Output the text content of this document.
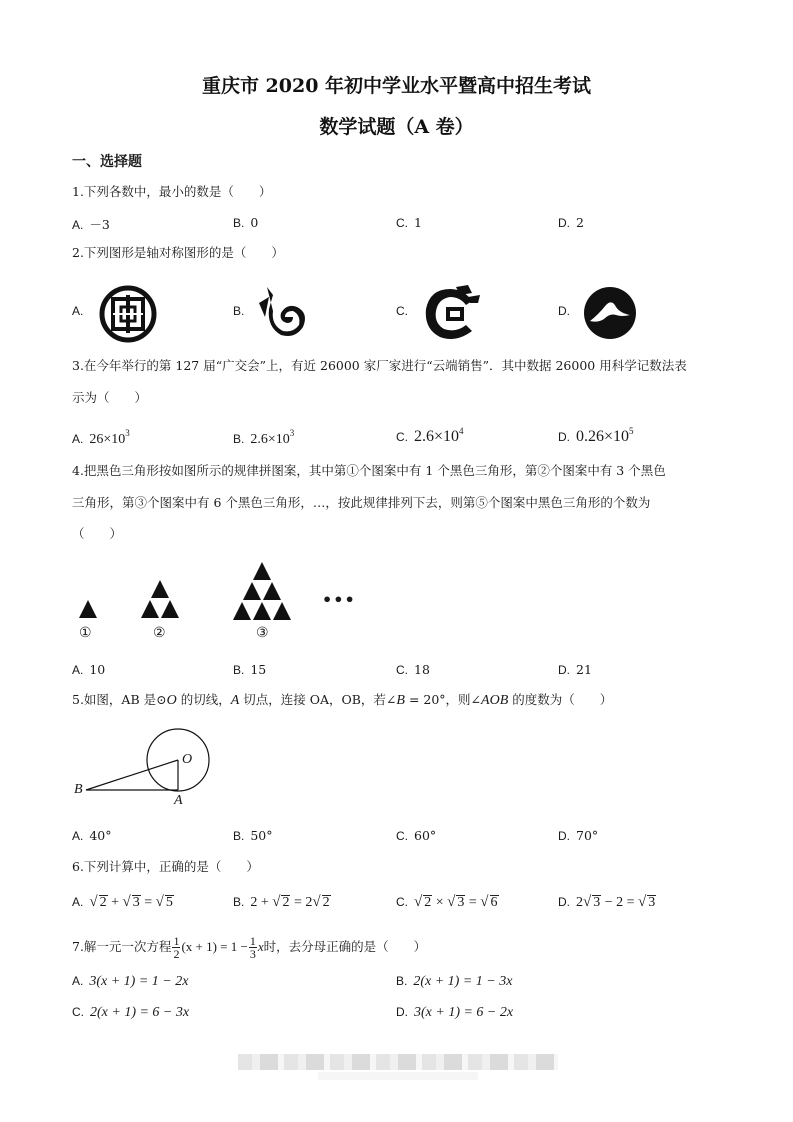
重庆市 2020 年初中学业水平暨高中招生考试
数学试题（A 卷）
一、选择题
1.下列各数中，最小的数是（　　）
A. －3	B. 0	C. 1	D. 2
2.下列图形是轴对称图形的是（　　）
A.	B.	C.	D.
3.在今年举行的第 127 届“广交会”上，有近 26000 家厂家进行“云端销售”．其中数据 26000 用科学记数法表
示为（　　）
A. $26\times 10^3$	B. $2.6\times 10^3$	C. $2.6\times 10^4$	D. $0.26\times 10^5$
4.把黑色三角形按如图所示的规律拼图案，其中第①个图案中有 1 个黑色三角形，第②个图案中有 3 个黑色
三角形，第③个图案中有 6 个黑色三角形，…，按此规律排列下去，则第⑤个图案中黑色三角形的个数为
（　　）
•••
①	②	③
A. 10	B. 15	C. 18	D. 21
5.如图，AB 是⊙O 的切线，A 切点，连接 OA，OB，若∠B = 20°，则∠AOB 的度数为（　　）
O
B
A
A. 40°	B. 50°	C. 60°	D. 70°
6.下列计算中，正确的是（　　）
A. √ 2 + √ 3 = √ 5	B. 2 + √ 2 = 2√ 2	C. √ 2 × √ 3 = √ 6	D. 2√ 3 − 2 = √ 3
7.解一元一次方程 $\frac{1}{2} (x + 1) = 1 - \frac{1}{3}$ x时，去分母正确的是（　　）
A. 3(x + 1) = 1 − 2x	B. 2(x + 1) = 1 − 3x
C. 2(x + 1) = 6 − 3x	D. 3(x + 1) = 6 − 2x
